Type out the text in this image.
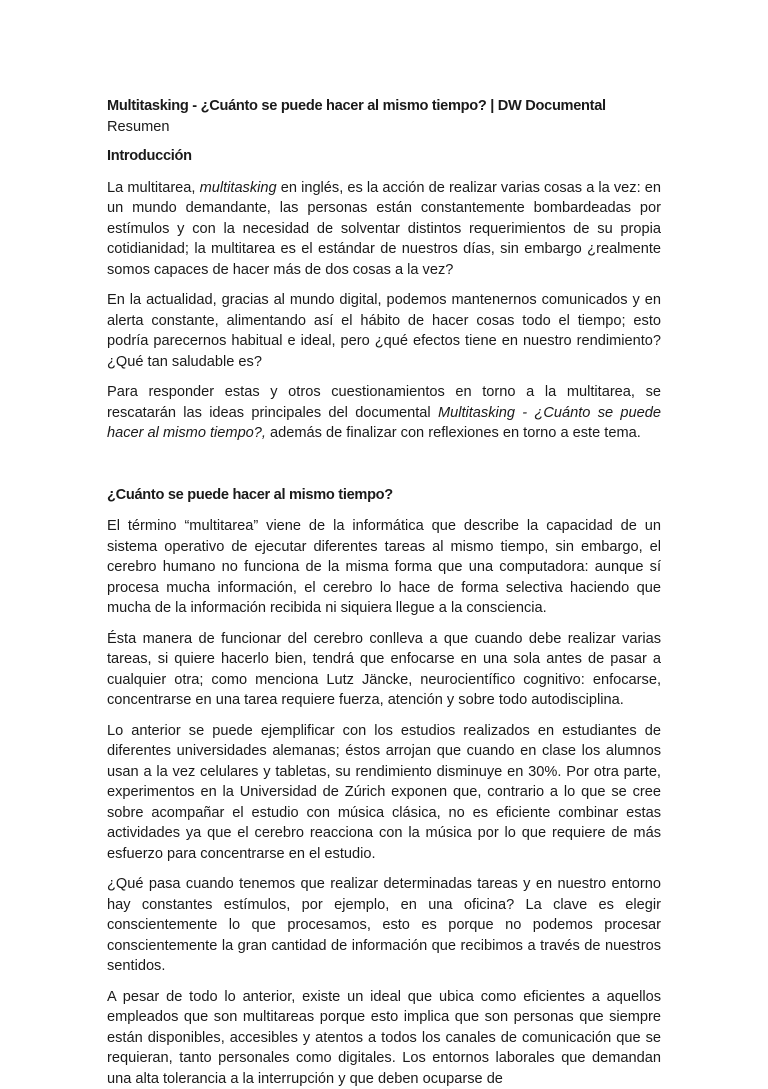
Multitasking - ¿Cuánto se puede hacer al mismo tiempo? | DW Documental
Resumen
Introducción

La multitarea, multitasking en inglés, es la acción de realizar varias cosas a la vez: en un mundo demandante, las personas están constantemente bombardeadas por estímulos y con la necesidad de solventar distintos requerimientos de su propia cotidianidad; la multitarea es el estándar de nuestros días, sin embargo ¿realmente somos capaces de hacer más de dos cosas a la vez?

En la actualidad, gracias al mundo digital, podemos mantenernos comunicados y en alerta constante, alimentando así el hábito de hacer cosas todo el tiempo; esto podría parecernos habitual e ideal, pero ¿qué efectos tiene en nuestro rendimiento? ¿Qué tan saludable es?

Para responder estas y otros cuestionamientos en torno a la multitarea, se rescatarán las ideas principales del documental Multitasking - ¿Cuánto se puede hacer al mismo tiempo?, además de finalizar con reflexiones en torno a este tema.

¿Cuánto se puede hacer al mismo tiempo?

El término “multitarea” viene de la informática que describe la capacidad de un sistema operativo de ejecutar diferentes tareas al mismo tiempo, sin embargo, el cerebro humano no funciona de la misma forma que una computadora: aunque sí procesa mucha información, el cerebro lo hace de forma selectiva haciendo que mucha de la información recibida ni siquiera llegue a la consciencia.

Ésta manera de funcionar del cerebro conlleva a que cuando debe realizar varias tareas, si quiere hacerlo bien, tendrá que enfocarse en una sola antes de pasar a cualquier otra; como menciona Lutz Jäncke, neurocientífico cognitivo: enfocarse, concentrarse en una tarea requiere fuerza, atención y sobre todo autodisciplina.

Lo anterior se puede ejemplificar con los estudios realizados en estudiantes de diferentes universidades alemanas; éstos arrojan que cuando en clase los alumnos usan a la vez celulares y tabletas, su rendimiento disminuye en 30%. Por otra parte, experimentos en la Universidad de Zúrich exponen que, contrario a lo que se cree sobre acompañar el estudio con música clásica, no es eficiente combinar estas actividades ya que el cerebro reacciona con la música por lo que requiere de más esfuerzo para concentrarse en el estudio.

¿Qué pasa cuando tenemos que realizar determinadas tareas y en nuestro entorno hay constantes estímulos, por ejemplo, en una oficina? La clave es elegir conscientemente lo que procesamos, esto es porque no podemos procesar conscientemente la gran cantidad de información que recibimos a través de nuestros sentidos.

A pesar de todo lo anterior, existe un ideal que ubica como eficientes a aquellos empleados que son multitareas porque esto implica que son personas que siempre están disponibles, accesibles y atentos a todos los canales de comunicación que se requieran, tanto personales como digitales. Los entornos laborales que demandan una alta tolerancia a la interrupción y que deben ocuparse de
